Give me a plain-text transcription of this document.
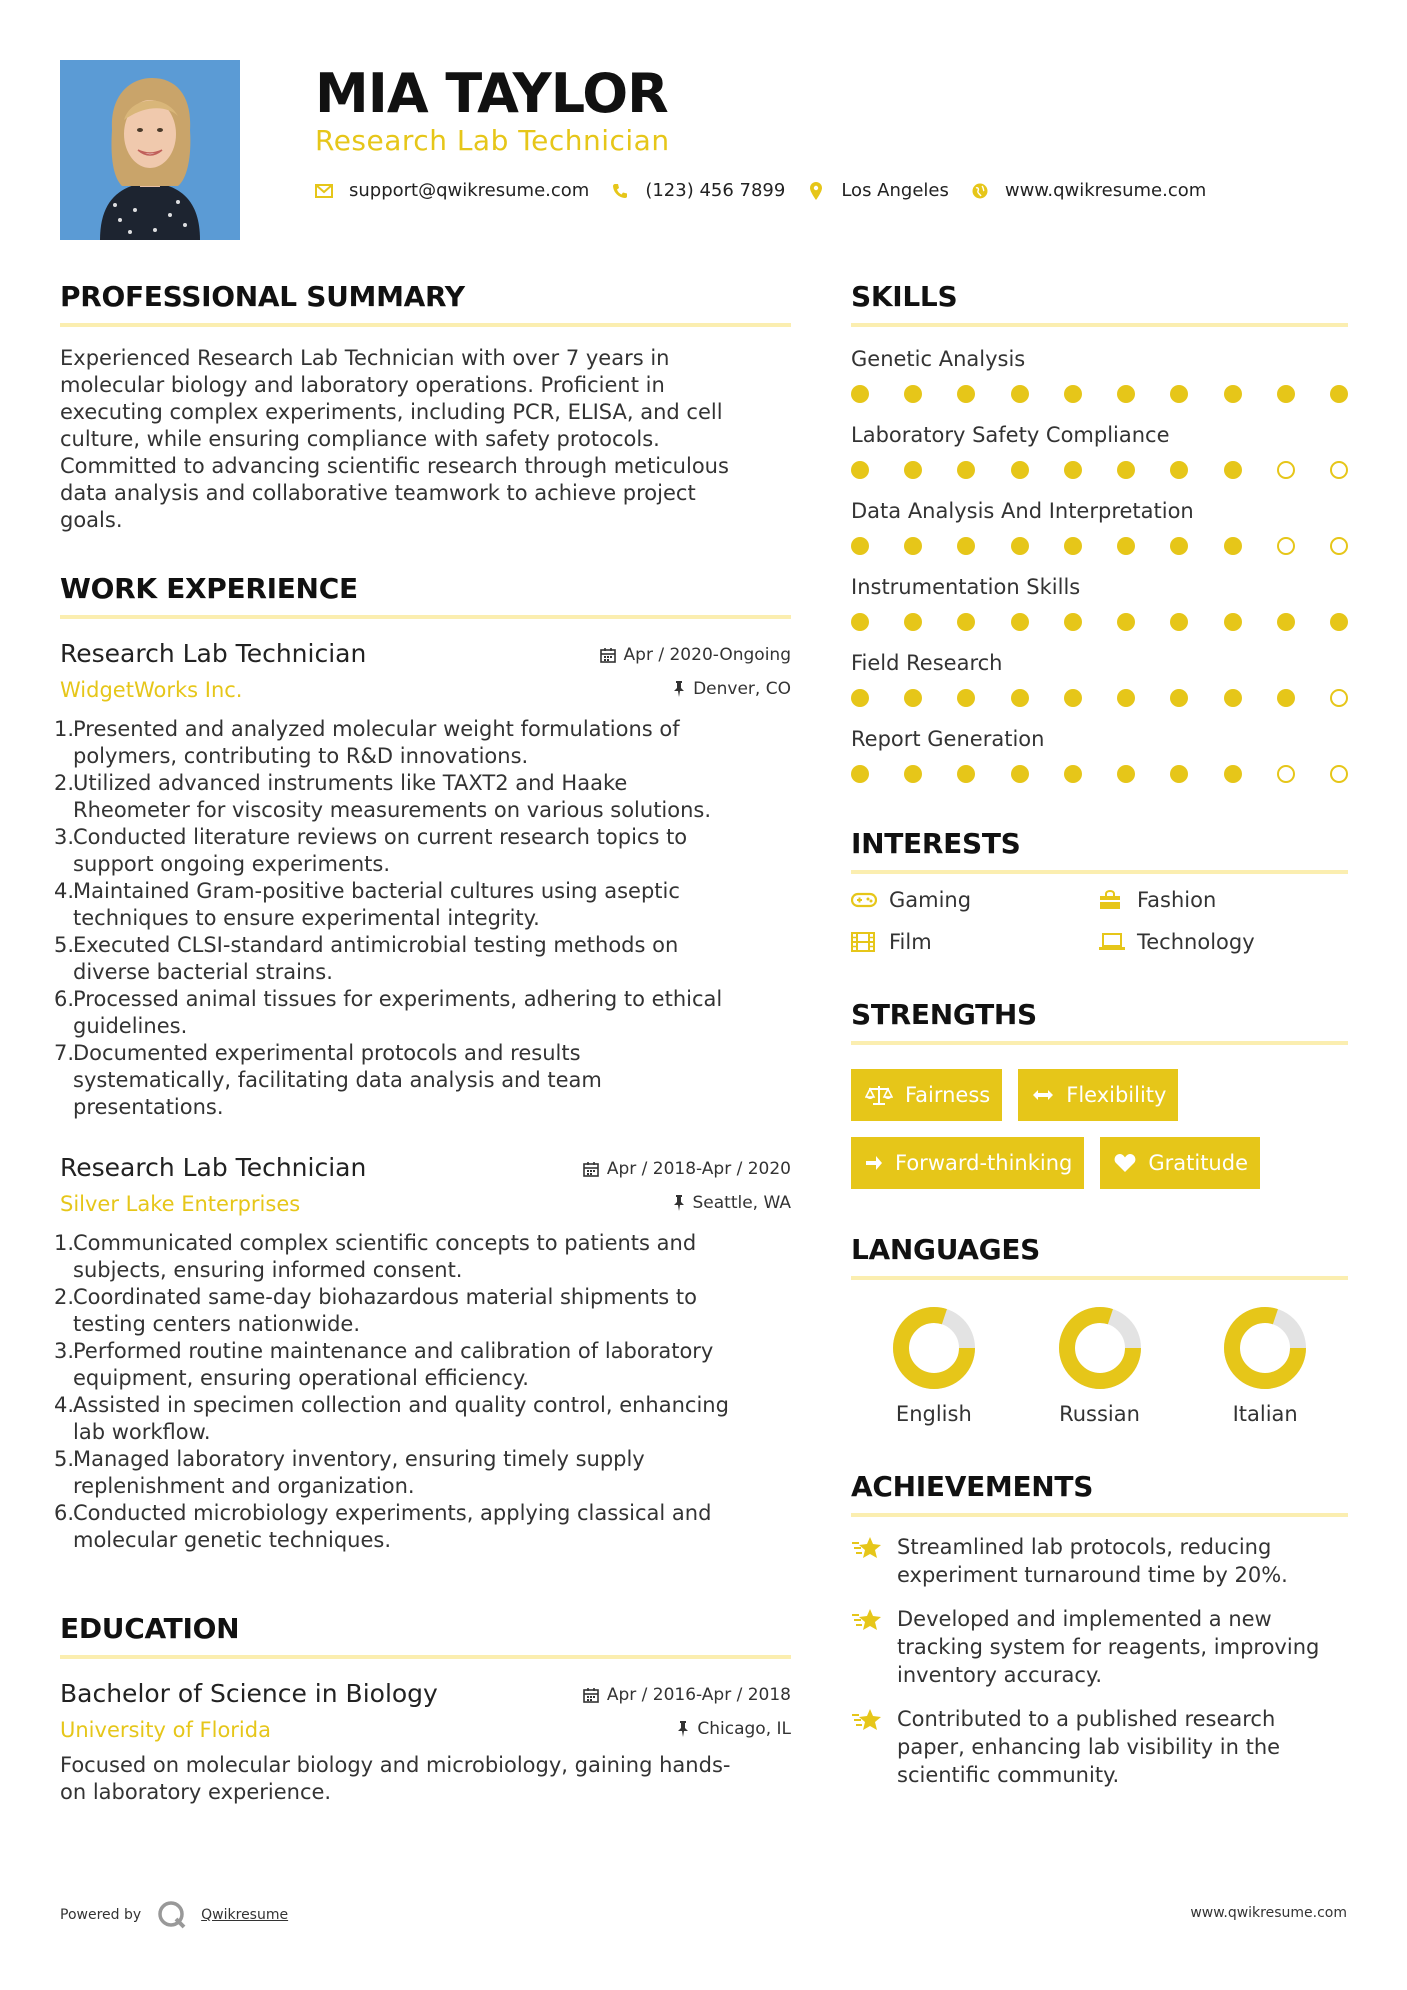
MIA TAYLOR
Research Lab Technician
support@qwikresume.com	(123) 456 7899	Los Angeles	www.qwikresume.com
PROFESSIONAL SUMMARY
Experienced Research Lab Technician with over 7 years in
molecular biology and laboratory operations. Proficient in
executing complex experiments, including PCR, ELISA, and cell
culture, while ensuring compliance with safety protocols.
Committed to advancing scientific research through meticulous
data analysis and collaborative teamwork to achieve project
goals.
WORK EXPERIENCE
Research Lab Technician
WidgetWorks Inc.
Apr / 2020-Ongoing
Denver, CO
1.
Presented and analyzed molecular weight formulations of
polymers, contributing to R&D innovations.
2.
Utilized advanced instruments like TAXT2 and Haake
Rheometer for viscosity measurements on various solutions.
3.
Conducted literature reviews on current research topics to
support ongoing experiments.
4.
Maintained Gram-positive bacterial cultures using aseptic
techniques to ensure experimental integrity.
5.
Executed CLSI-standard antimicrobial testing methods on
diverse bacterial strains.
6.
Processed animal tissues for experiments, adhering to ethical
guidelines.
7.
Documented experimental protocols and results
systematically, facilitating data analysis and team
presentations.
Research Lab Technician
Silver Lake Enterprises
Apr / 2018-Apr / 2020
Seattle, WA
1.
Communicated complex scientific concepts to patients and
subjects, ensuring informed consent.
2.
Coordinated same-day biohazardous material shipments to
testing centers nationwide.
3.
Performed routine maintenance and calibration of laboratory
equipment, ensuring operational efficiency.
4.
Assisted in specimen collection and quality control, enhancing
lab workflow.
5.
Managed laboratory inventory, ensuring timely supply
replenishment and organization.
6.
Conducted microbiology experiments, applying classical and
molecular genetic techniques.
EDUCATION
Bachelor of Science in Biology
University of Florida
Apr / 2016-Apr / 2018
Chicago, IL
Focused on molecular biology and microbiology, gaining hands-
on laboratory experience.
SKILLS
Genetic Analysis
Laboratory Safety Compliance
Data Analysis And Interpretation
Instrumentation Skills
Field Research
Report Generation
INTERESTS
Gaming	Fashion
Film	Technology
STRENGTHS
Fairness	Flexibility
Forward-thinking	Gratitude
LANGUAGES
English	Russian	Italian
ACHIEVEMENTS
Streamlined lab protocols, reducing
experiment turnaround time by 20%.
Developed and implemented a new
tracking system for reagents, improving
inventory accuracy.
Contributed to a published research
paper, enhancing lab visibility in the
scientific community.
Powered by	Qwikresume	www.qwikresume.com
